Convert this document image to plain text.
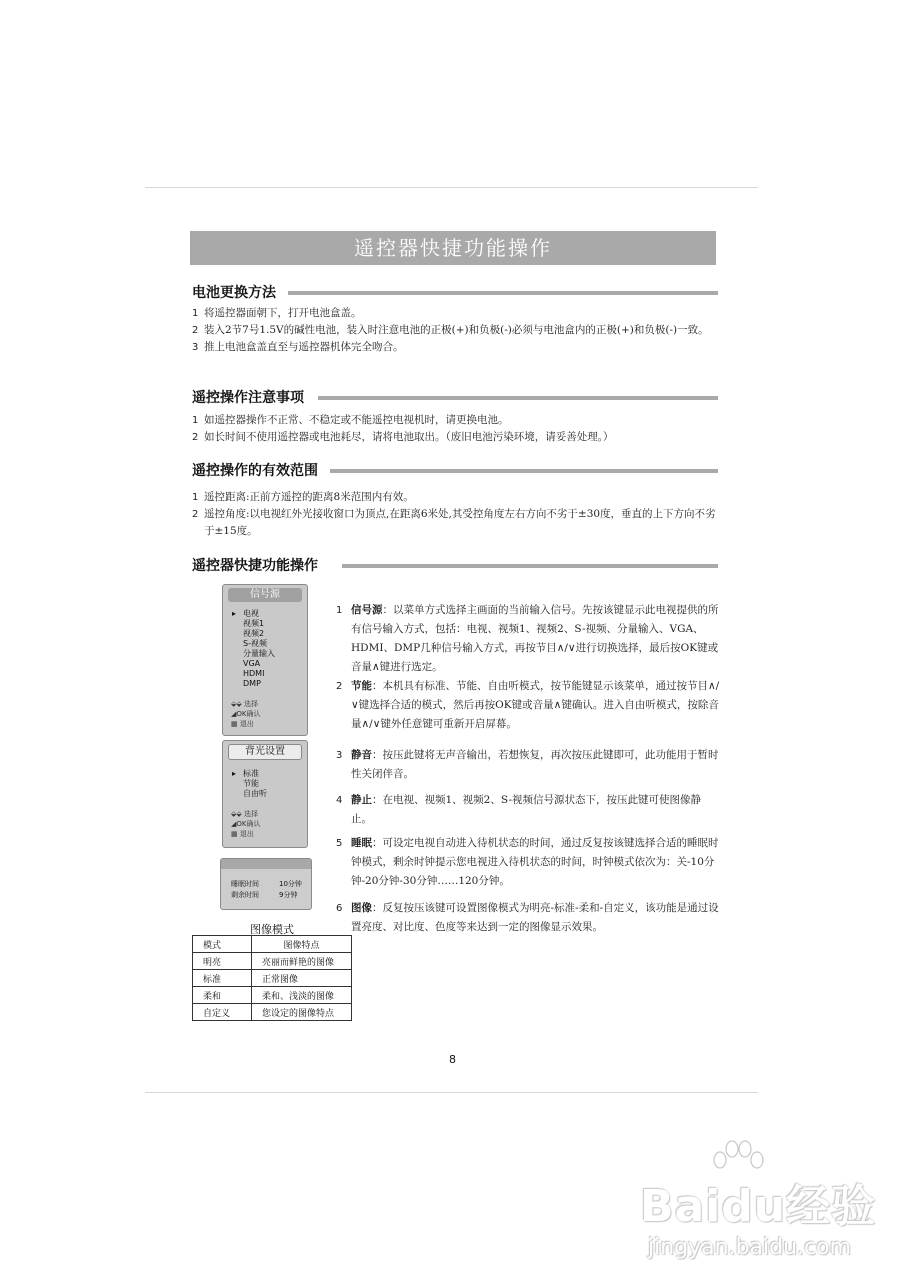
遥控器快捷功能操作
电池更换方法
1 将遥控器面朝下，打开电池盒盖。
2 装入2节7号1.5V的碱性电池，装入时注意电池的正极(+)和负极(-)必须与电池盒内的正极(+)和负极(-)一致。
3 推上电池盒盖直至与遥控器机体完全吻合。
遥控操作注意事项
1 如遥控器操作不正常、不稳定或不能遥控电视机时，请更换电池。
2 如长时间不使用遥控器或电池耗尽，请将电池取出。（废旧电池污染环境，请妥善处理。）
遥控操作的有效范围
1 遥控距离:正前方遥控的距离8米范围内有效。
2 遥控角度:以电视红外光接收窗口为顶点,在距离6米处,其受控角度左右方向不劣于±30度，垂直的上下方向不劣于±15度。
遥控器快捷功能操作
信号源
▸ 电视
视频1
视频2
S-视频
分量输入
VGA
HDMI
DMP
⬙⬙ 选择
◢OK确认
▦ 退出
背光设置
▸ 标准
节能
自由听
⬙⬙ 选择
◢OK确认
▦ 退出
睡眠时间	10分钟
剩余时间	9分钟
图像模式
模式	图像特点
明亮	亮丽而鲜艳的图像
标准	正常图像
柔和	柔和、浅淡的图像
自定义	您设定的图像特点
1 信号源：以菜单方式选择主画面的当前输入信号。先按该键显示此电视提供的所有信号输入方式，包括：电视、视频1、视频2、S-视频、分量输入、VGA、HDMI、DMP几种信号输入方式，再按节目∧/∨进行切换选择，最后按OK键或音量∧键进行选定。
2 节能：本机具有标准、节能、自由听模式，按节能键显示该菜单，通过按节目∧/∨键选择合适的模式，然后再按OK键或音量∧键确认。进入自由听模式，按除音量∧/∨键外任意键可重新开启屏幕。
3 静音：按压此键将无声音输出，若想恢复，再次按压此键即可，此功能用于暂时性关闭伴音。
4 静止：在电视、视频1、视频2、S-视频信号源状态下，按压此键可使图像静止。
5 睡眠：可设定电视自动进入待机状态的时间，通过反复按该键选择合适的睡眠时钟模式，剩余时钟提示您电视进入待机状态的时间，时钟模式依次为：关-10分钟-20分钟-30分钟……120分钟。
6 图像：反复按压该键可设置图像模式为明亮-标准-柔和-自定义，该功能是通过设置亮度、对比度、色度等来达到一定的图像显示效果。
8
Baidu经验
jingyan.baidu.com
